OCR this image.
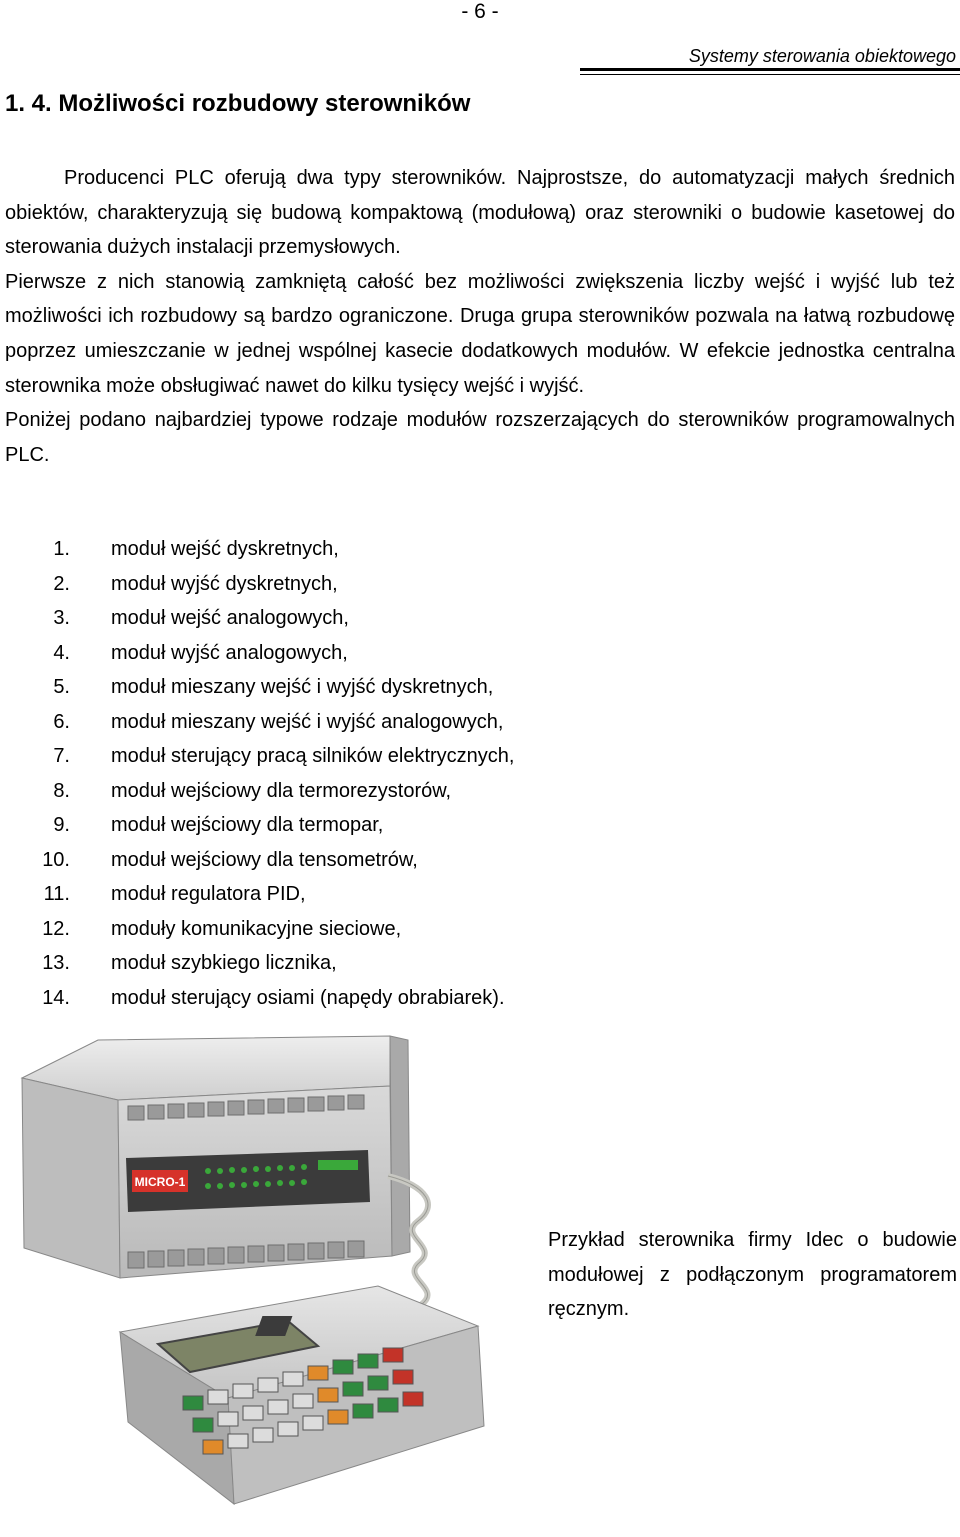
- 6 -
Systemy sterowania obiektowego
1. 4. Możliwości rozbudowy sterowników

Producenci PLC oferują dwa typy sterowników. Najprostsze, do automatyzacji małych średnich obiektów, charakteryzują się budową kompaktową (modułową) oraz sterowniki o budowie kasetowej do sterowania dużych instalacji przemysłowych.

Pierwsze z nich stanowią zamkniętą całość bez możliwości zwiększenia liczby wejść i wyjść lub też możliwości ich rozbudowy są bardzo ograniczone. Druga grupa sterowników pozwala na łatwą rozbudowę poprzez umieszczanie w jednej wspólnej kasecie dodatkowych modułów. W efekcie jednostka centralna sterownika może obsługiwać nawet do kilku tysięcy wejść i wyjść.

Poniżej podano najbardziej typowe rodzaje modułów rozszerzających do sterowników programowalnych PLC.

1. moduł wejść dyskretnych,
2. moduł wyjść dyskretnych,
3. moduł wejść analogowych,
4. moduł wyjść analogowych,
5. moduł mieszany wejść i wyjść dyskretnych,
6. moduł mieszany wejść i wyjść analogowych,
7. moduł sterujący pracą silników elektrycznych,
8. moduł wejściowy dla termorezystorów,
9. moduł wejściowy dla termopar,
10. moduł wejściowy dla tensometrów,
11. moduł regulatora PID,
12. moduły komunikacyjne sieciowe,
13. moduł szybkiego licznika,
14. moduł sterujący osiami (napędy obrabiarek).
MICRO-1
Przykład sterownika firmy Idec o budowie modułowej z podłączonym programatorem ręcznym.
